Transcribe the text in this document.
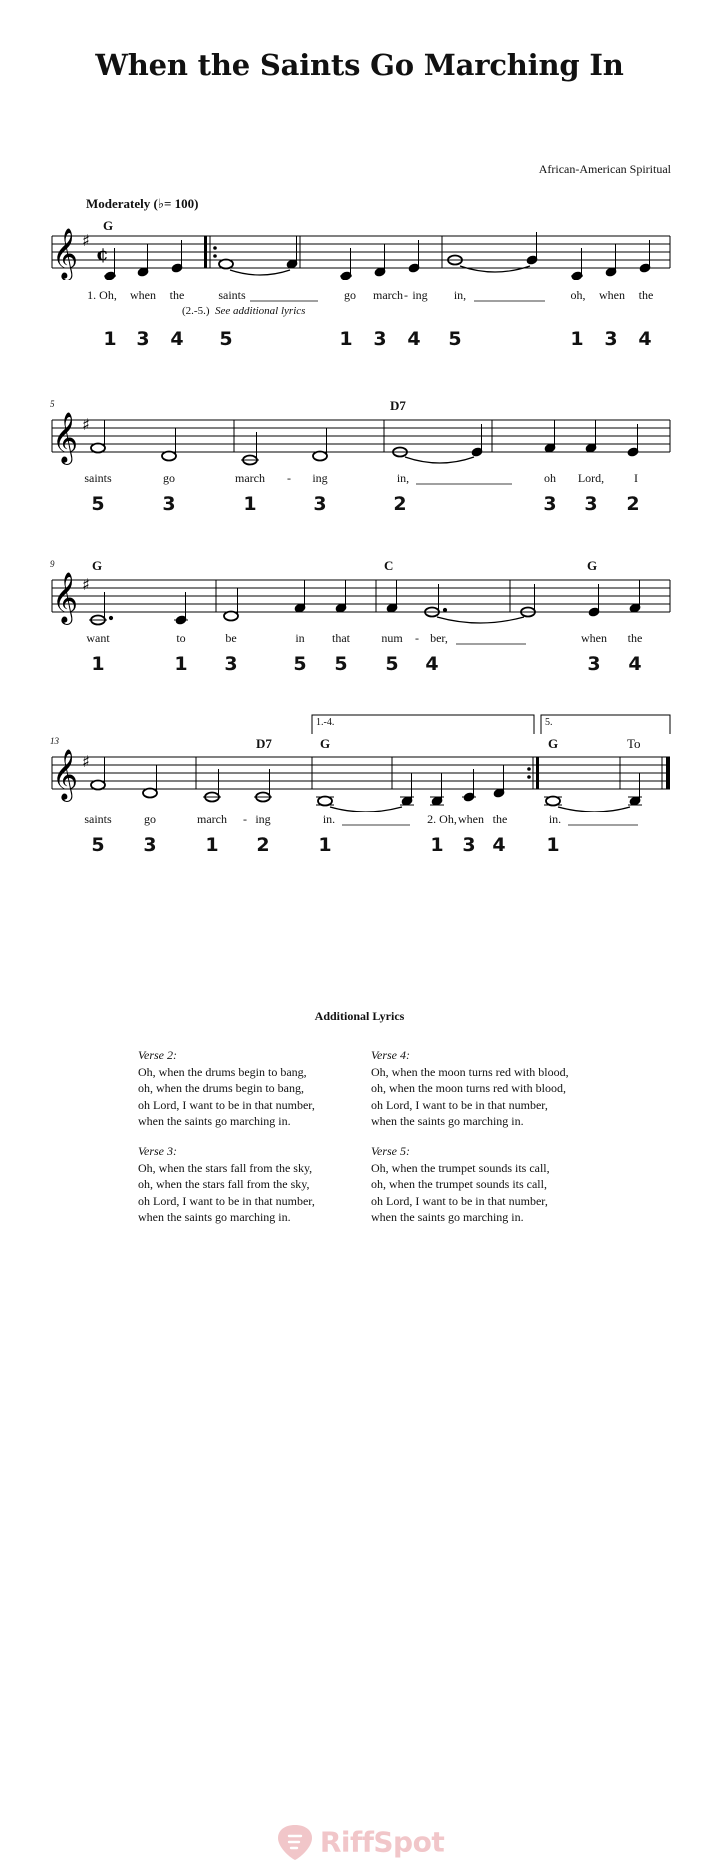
When the Saints Go Marching In
African-American Spiritual
Moderately (♭= 100)
𝄞 ♯
¢
G
1. Oh, when the	saints	go march - ing in,	oh, when the
(2.-5.) See additional lyrics
1 3 4 5	1 3 4 5	1 3 4
5	D7
𝄞 ♯
saints	go	march - ing	in,	oh Lord, I
5	3	1	3	2	3 3 2
9	G	C	G
𝄞 ♯
want	to	be	in that	num - ber,	when the
1	1 3	5 5 5 4	3 4
13
𝄞 ♯
1.-4.	5.
D7	G	G	To
saints	go	march - ing	in.	2. Oh, when the	in.
5 3	1 2	1	1 3 4 1
Additional Lyrics
Verse 2:
Oh, when the drums begin to bang,
oh, when the drums begin to bang,
oh Lord, I want to be in that number,
when the saints go marching in.
Verse 3:
Oh, when the stars fall from the sky,
oh, when the stars fall from the sky,
oh Lord, I want to be in that number,
when the saints go marching in.
Verse 4:
Oh, when the moon turns red with blood,
oh, when the moon turns red with blood,
oh Lord, I want to be in that number,
when the saints go marching in.
Verse 5:
Oh, when the trumpet sounds its call,
oh, when the trumpet sounds its call,
oh Lord, I want to be in that number,
when the saints go marching in.
RiffSpot
